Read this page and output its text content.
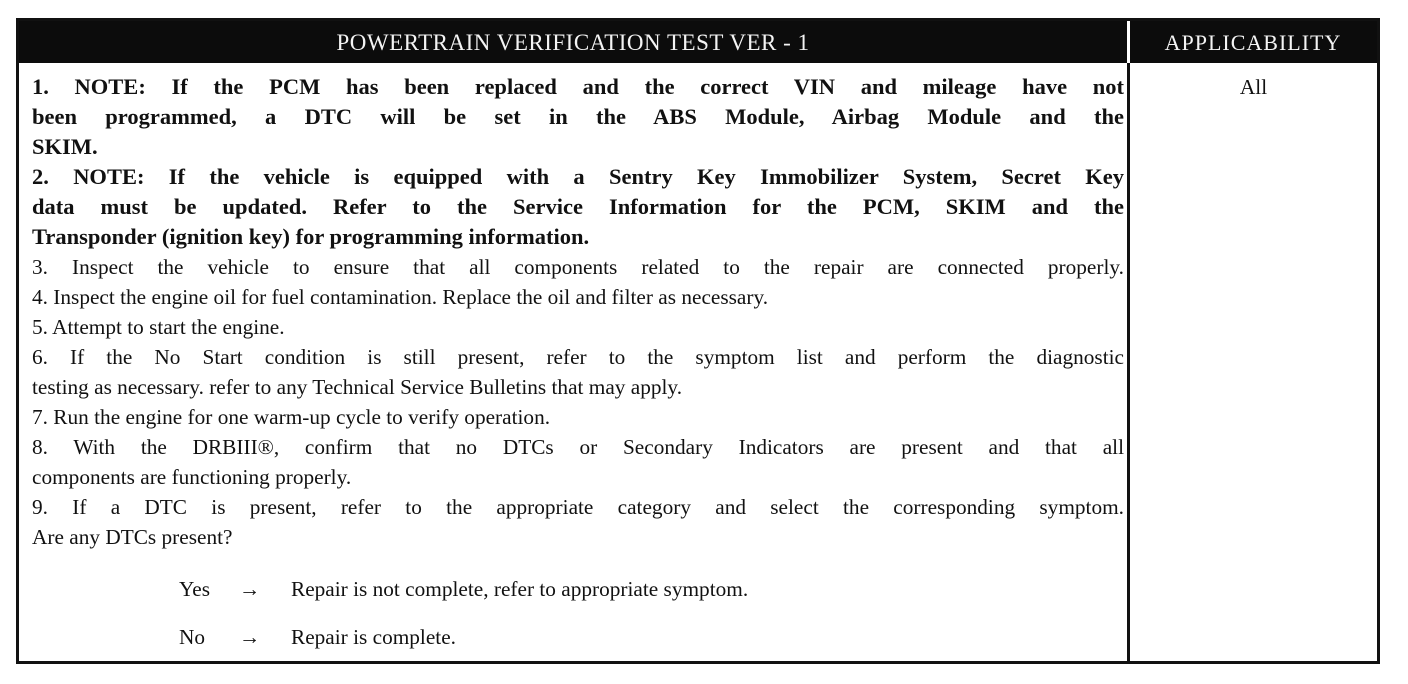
POWERTRAIN VERIFICATION TEST VER - 1	APPLICABILITY
1. NOTE: If the PCM has been replaced and the correct VIN and mileage have not
been programmed, a DTC will be set in the ABS Module, Airbag Module and the
SKIM.
2. NOTE: If the vehicle is equipped with a Sentry Key Immobilizer System, Secret Key
data must be updated. Refer to the Service Information for the PCM, SKIM and the
Transponder (ignition key) for programming information.
3. Inspect the vehicle to ensure that all components related to the repair are connected properly.
4. Inspect the engine oil for fuel contamination. Replace the oil and filter as necessary.
5. Attempt to start the engine.
6. If the No Start condition is still present, refer to the symptom list and perform the diagnostic
testing as necessary. refer to any Technical Service Bulletins that may apply.
7. Run the engine for one warm-up cycle to verify operation.
8. With the DRBIII®, confirm that no DTCs or Secondary Indicators are present and that all
components are functioning properly.
9. If a DTC is present, refer to the appropriate category and select the corresponding symptom.
Are any DTCs present?
Yes → Repair is not complete, refer to appropriate symptom.
No → Repair is complete.
All
